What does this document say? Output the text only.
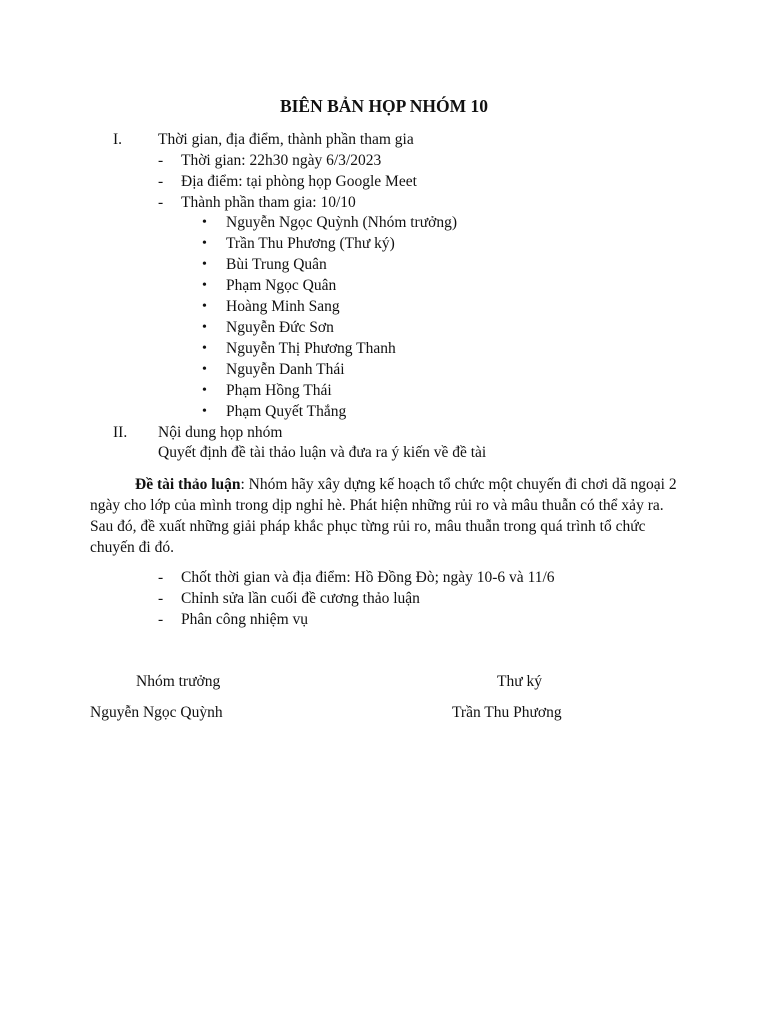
BIÊN BẢN HỌP NHÓM 10
I. Thời gian, địa điểm, thành phần tham gia
- Thời gian: 22h30 ngày 6/3/2023
- Địa điểm: tại phòng họp Google Meet
- Thành phần tham gia: 10/10
• Nguyễn Ngọc Quỳnh (Nhóm trưởng)
• Trần Thu Phương (Thư ký)
• Bùi Trung Quân
• Phạm Ngọc Quân
• Hoàng Minh Sang
• Nguyễn Đức Sơn
• Nguyễn Thị Phương Thanh
• Nguyễn Danh Thái
• Phạm Hồng Thái
• Phạm Quyết Thắng
II. Nội dung họp nhóm
Quyết định đề tài thảo luận và đưa ra ý kiến về đề tài
Đề tài thảo luận: Nhóm hãy xây dựng kế hoạch tổ chức một chuyến đi chơi dã ngoại 2 ngày cho lớp của mình trong dịp nghỉ hè. Phát hiện những rủi ro và mâu thuẫn có thể xảy ra. Sau đó, đề xuất những giải pháp khắc phục từng rủi ro, mâu thuẫn trong quá trình tổ chức chuyến đi đó.
- Chốt thời gian và địa điểm: Hồ Đồng Đò; ngày 10-6 và 11/6
- Chỉnh sửa lần cuối đề cương thảo luận
- Phân công nhiệm vụ
Nhóm trưởng	Thư ký
Nguyễn Ngọc Quỳnh	Trần Thu Phương
